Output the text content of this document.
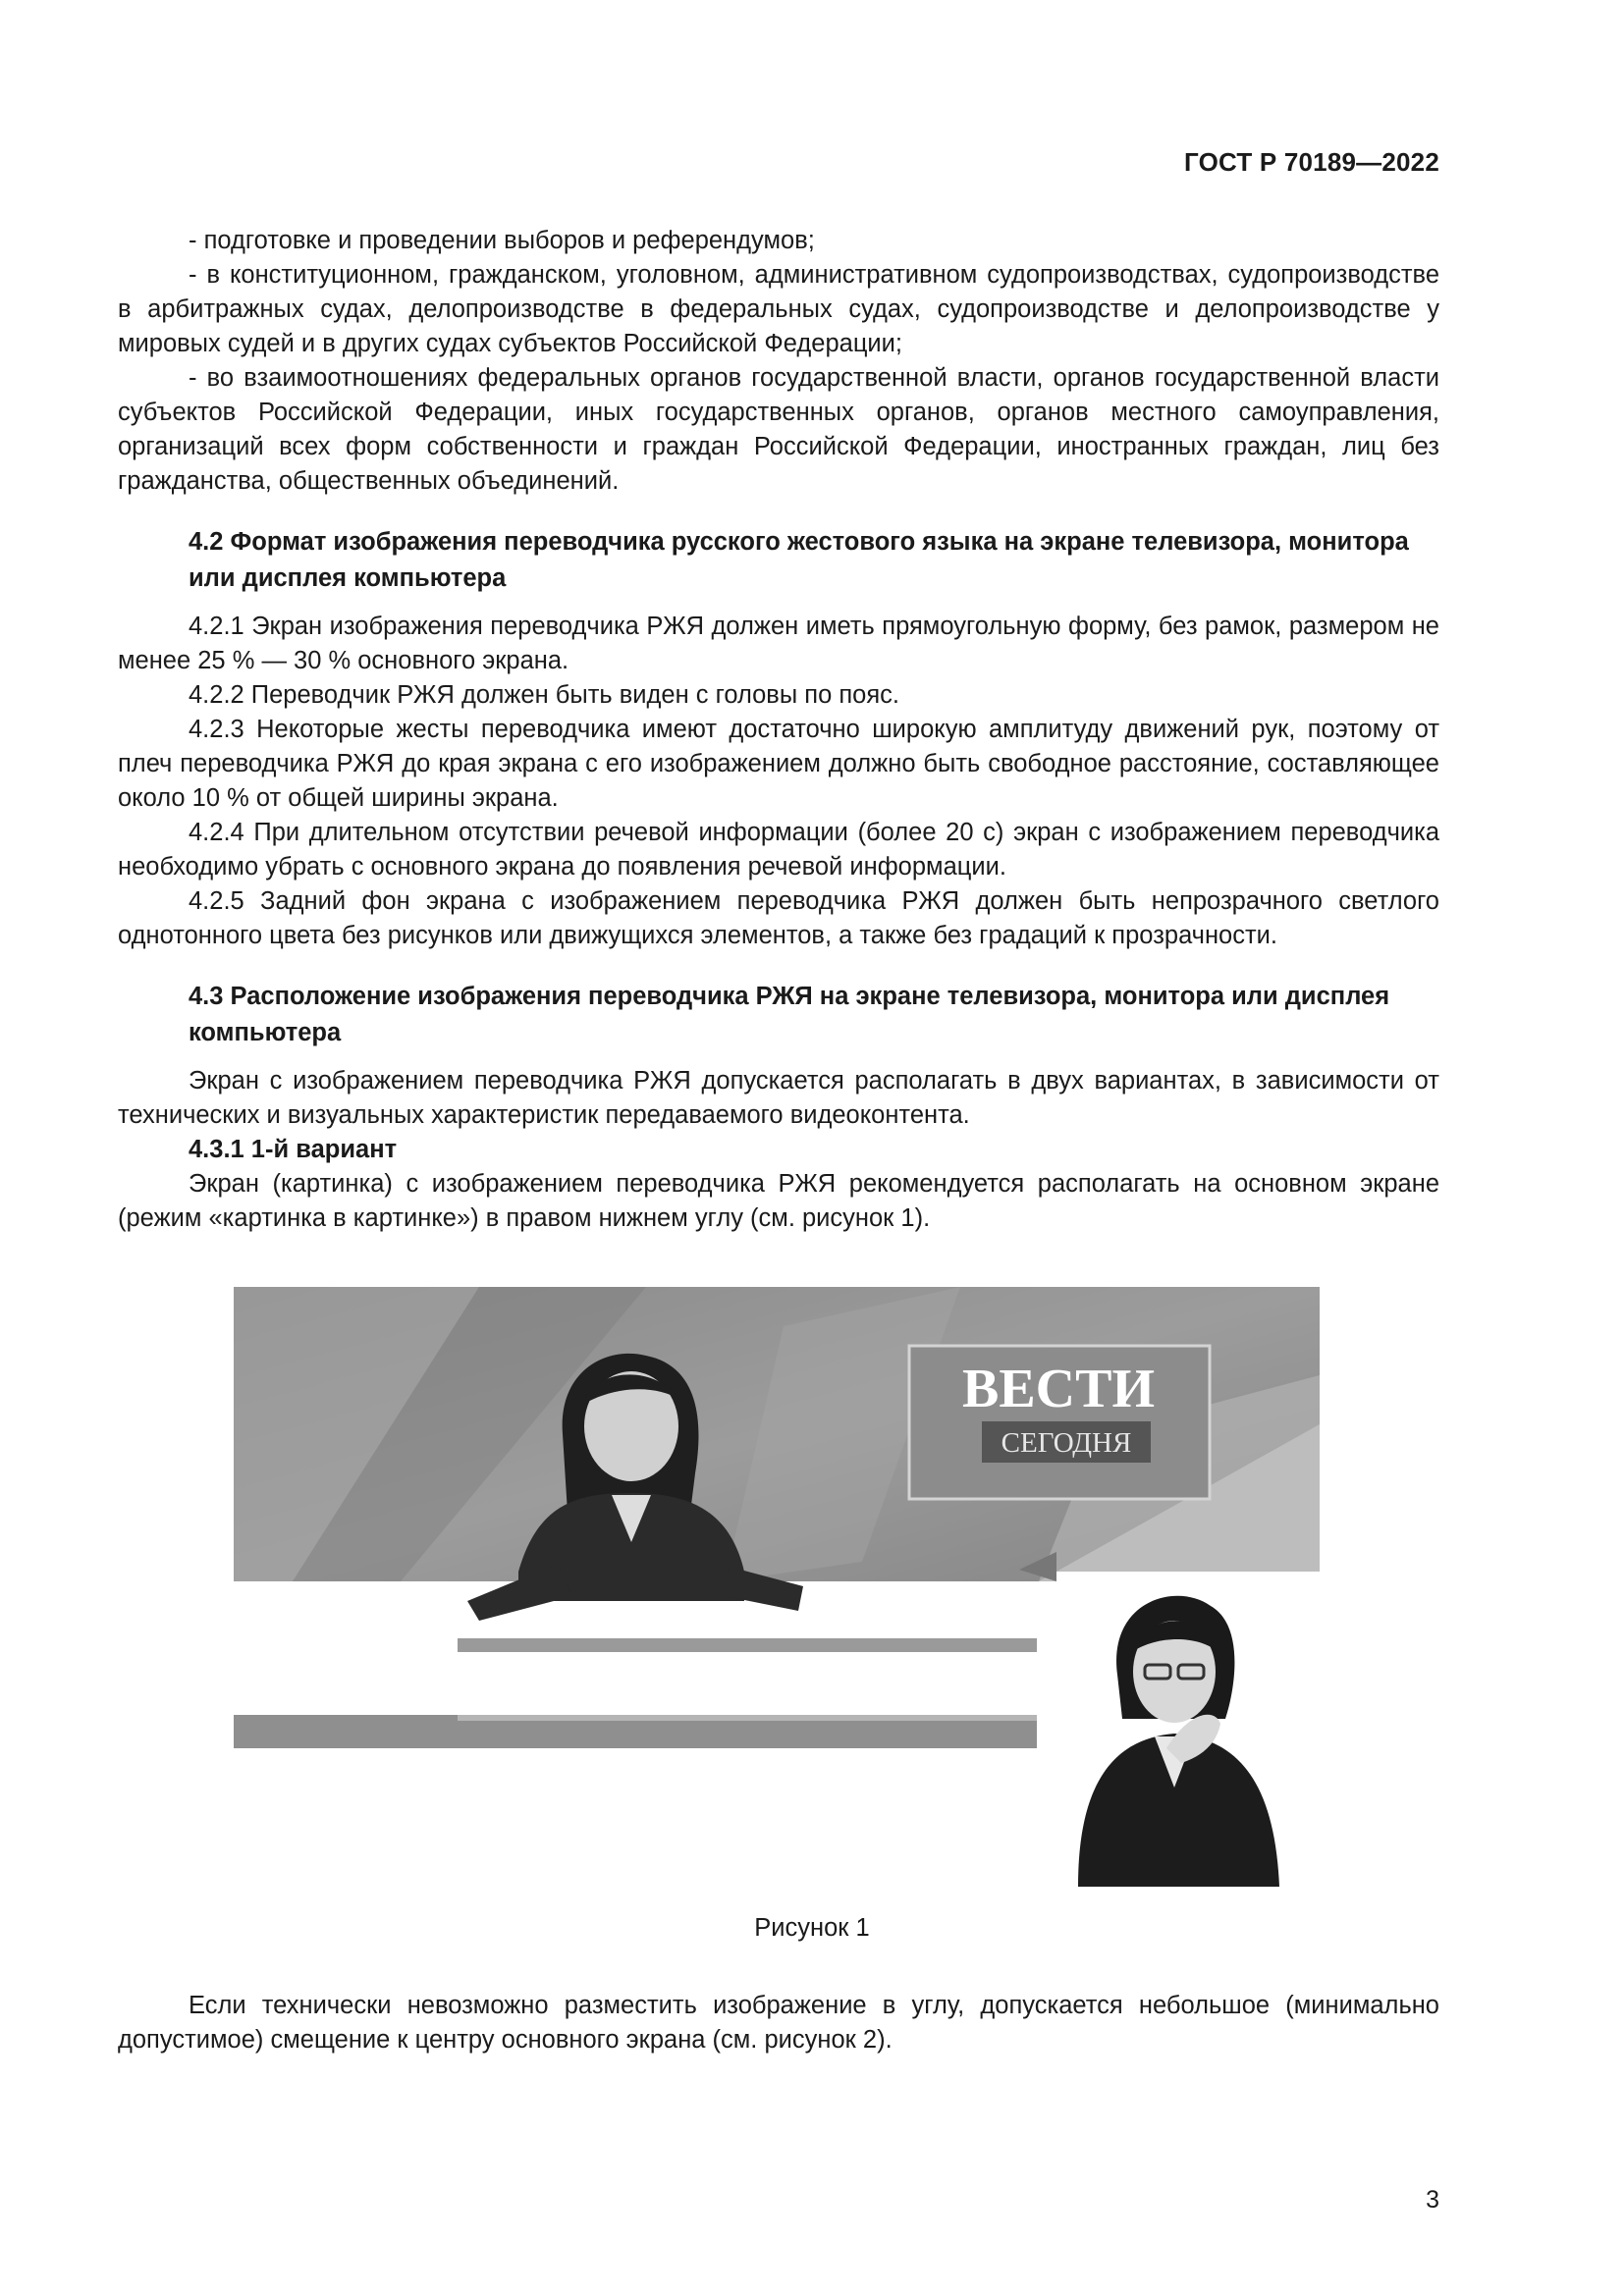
ГОСТ Р 70189—2022

- подготовке и проведении выборов и референдумов;

- в конституционном, гражданском, уголовном, административном судопроизводствах, судопроизводстве в арбитражных судах, делопроизводстве в федеральных судах, судопроизводстве и делопроизводстве у мировых судей и в других судах субъектов Российской Федерации;

- во взаимоотношениях федеральных органов государственной власти, органов государственной власти субъектов Российской Федерации, иных государственных органов, органов местного самоуправления, организаций всех форм собственности и граждан Российской Федерации, иностранных граждан, лиц без гражданства, общественных объединений.

4.2 Формат изображения переводчика русского жестового языка на экране телевизора, монитора или дисплея компьютера

4.2.1 Экран изображения переводчика РЖЯ должен иметь прямоугольную форму, без рамок, размером не менее 25 % — 30 % основного экрана.

4.2.2 Переводчик РЖЯ должен быть виден с головы по пояс.

4.2.3 Некоторые жесты переводчика имеют достаточно широкую амплитуду движений рук, поэтому от плеч переводчика РЖЯ до края экрана с его изображением должно быть свободное расстояние, составляющее около 10 % от общей ширины экрана.

4.2.4 При длительном отсутствии речевой информации (более 20 с) экран с изображением переводчика необходимо убрать с основного экрана до появления речевой информации.

4.2.5 Задний фон экрана с изображением переводчика РЖЯ должен быть непрозрачного светлого однотонного цвета без рисунков или движущихся элементов, а также без градаций к прозрачности.

4.3 Расположение изображения переводчика РЖЯ на экране телевизора, монитора или дисплея компьютера

Экран с изображением переводчика РЖЯ допускается располагать в двух вариантах, в зависимости от технических и визуальных характеристик передаваемого видеоконтента.

4.3.1 1-й вариант

Экран (картинка) с изображением переводчика РЖЯ рекомендуется располагать на основном экране (режим «картинка в картинке») в правом нижнем углу (см. рисунок 1).

ВЕСТИ
СЕГОДНЯ
Рисунок 1

Если технически невозможно разместить изображение в углу, допускается небольшое (минимально допустимое) смещение к центру основного экрана (см. рисунок 2).

3
